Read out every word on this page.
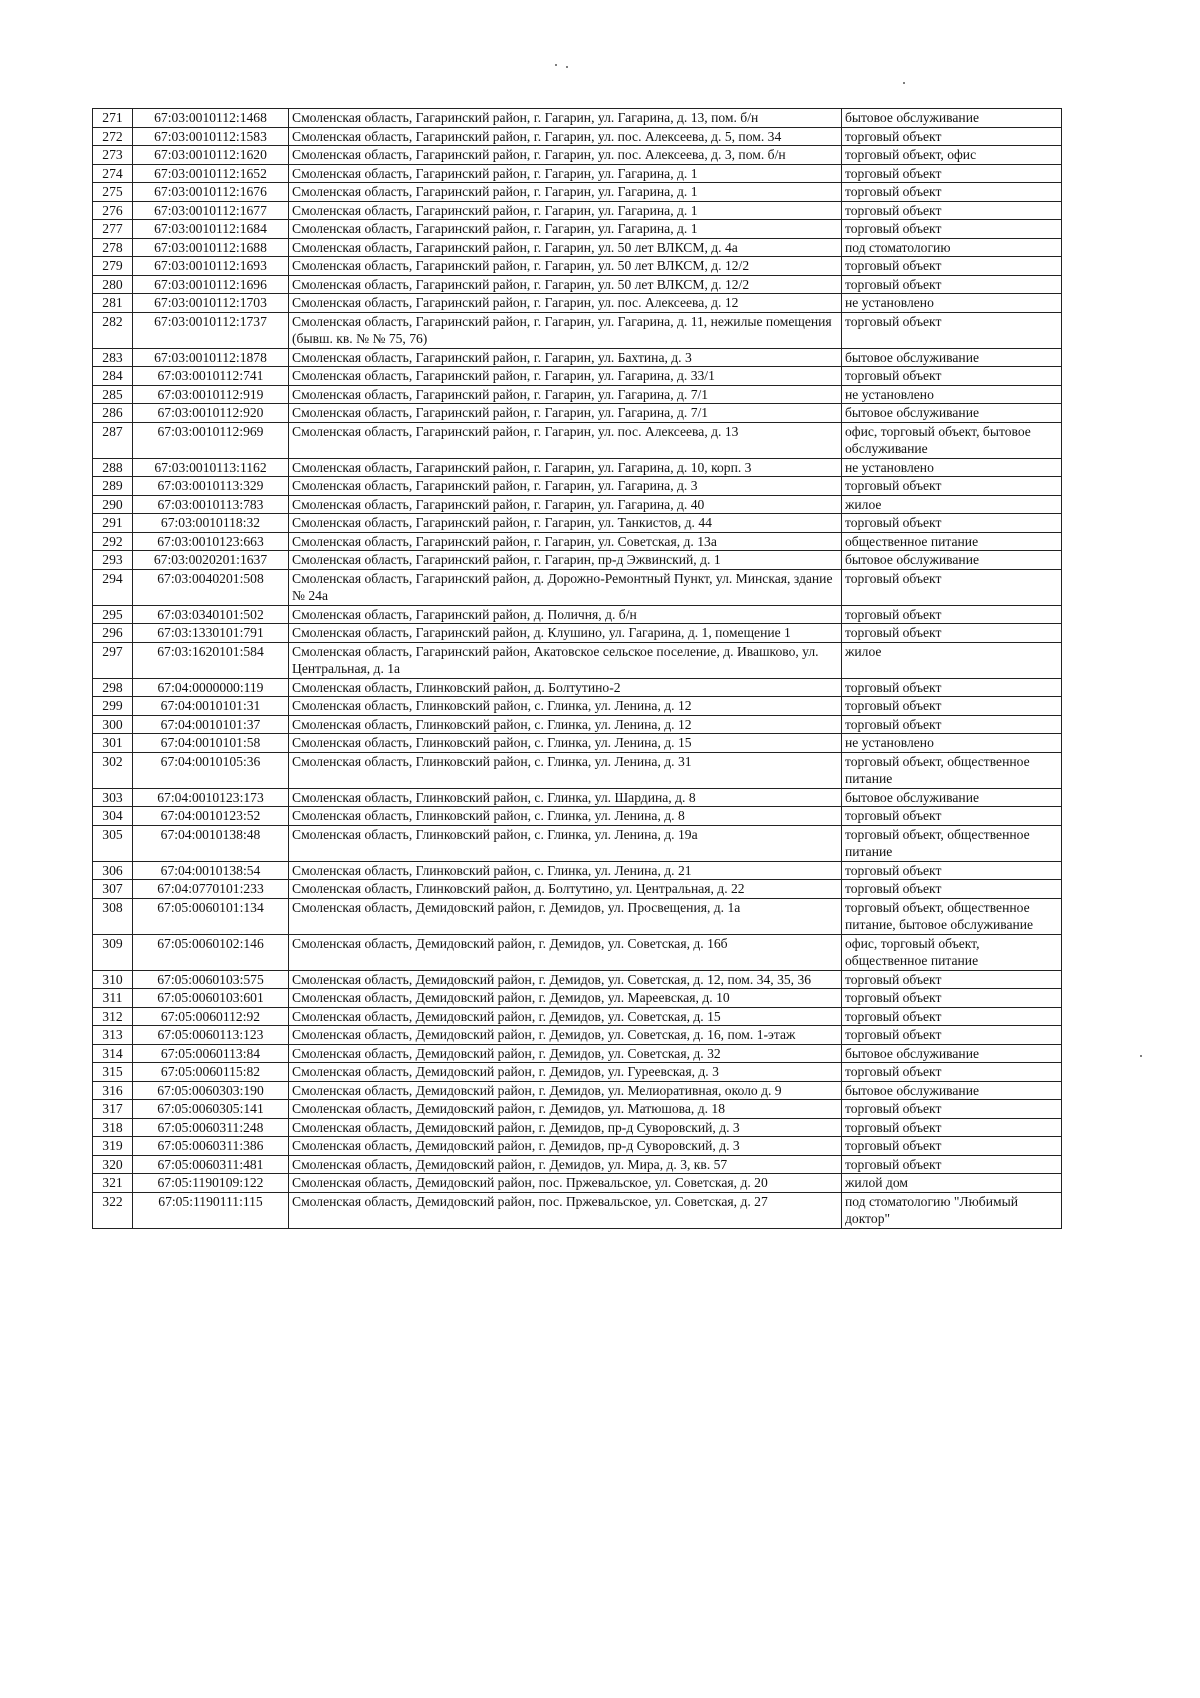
271	67:03:0010112:1468	Смоленская область, Гагаринский район, г. Гагарин, ул. Гагарина, д. 13, пом. б/н	бытовое обслуживание
272	67:03:0010112:1583	Смоленская область, Гагаринский район, г. Гагарин, ул. пос. Алексеева, д. 5, пом. 34	торговый объект
273	67:03:0010112:1620	Смоленская область, Гагаринский район, г. Гагарин, ул. пос. Алексеева, д. 3, пом. б/н	торговый объект, офис
274	67:03:0010112:1652	Смоленская область, Гагаринский район, г. Гагарин, ул. Гагарина, д. 1	торговый объект
275	67:03:0010112:1676	Смоленская область, Гагаринский район, г. Гагарин, ул. Гагарина, д. 1	торговый объект
276	67:03:0010112:1677	Смоленская область, Гагаринский район, г. Гагарин, ул. Гагарина, д. 1	торговый объект
277	67:03:0010112:1684	Смоленская область, Гагаринский район, г. Гагарин, ул. Гагарина, д. 1	торговый объект
278	67:03:0010112:1688	Смоленская область, Гагаринский район, г. Гагарин, ул. 50 лет ВЛКСМ, д. 4а	под стоматологию
279	67:03:0010112:1693	Смоленская область, Гагаринский район, г. Гагарин, ул. 50 лет ВЛКСМ, д. 12/2	торговый объект
280	67:03:0010112:1696	Смоленская область, Гагаринский район, г. Гагарин, ул. 50 лет ВЛКСМ, д. 12/2	торговый объект
281	67:03:0010112:1703	Смоленская область, Гагаринский район, г. Гагарин, ул. пос. Алексеева, д. 12	не установлено
282	67:03:0010112:1737	Смоленская область, Гагаринский район, г. Гагарин, ул. Гагарина, д. 11, нежилые помещения (бывш. кв. № № 75, 76)	торговый объект
283	67:03:0010112:1878	Смоленская область, Гагаринский район, г. Гагарин, ул. Бахтина, д. 3	бытовое обслуживание
284	67:03:0010112:741	Смоленская область, Гагаринский район, г. Гагарин, ул. Гагарина, д. 33/1	торговый объект
285	67:03:0010112:919	Смоленская область, Гагаринский район, г. Гагарин, ул. Гагарина, д. 7/1	не установлено
286	67:03:0010112:920	Смоленская область, Гагаринский район, г. Гагарин, ул. Гагарина, д. 7/1	бытовое обслуживание
287	67:03:0010112:969	Смоленская область, Гагаринский район, г. Гагарин, ул. пос. Алексеева, д. 13	офис, торговый объект, бытовое обслуживание
288	67:03:0010113:1162	Смоленская область, Гагаринский район, г. Гагарин, ул. Гагарина, д. 10, корп. 3	не установлено
289	67:03:0010113:329	Смоленская область, Гагаринский район, г. Гагарин, ул. Гагарина, д. 3	торговый объект
290	67:03:0010113:783	Смоленская область, Гагаринский район, г. Гагарин, ул. Гагарина, д. 40	жилое
291	67:03:0010118:32	Смоленская область, Гагаринский район, г. Гагарин, ул. Танкистов, д. 44	торговый объект
292	67:03:0010123:663	Смоленская область, Гагаринский район, г. Гагарин, ул. Советская, д. 13а	общественное питание
293	67:03:0020201:1637	Смоленская область, Гагаринский район, г. Гагарин, пр-д Эжвинский, д. 1	бытовое обслуживание
294	67:03:0040201:508	Смоленская область, Гагаринский район, д. Дорожно-Ремонтный Пункт, ул. Минская, здание № 24а	торговый объект
295	67:03:0340101:502	Смоленская область, Гагаринский район, д. Поличня, д. б/н	торговый объект
296	67:03:1330101:791	Смоленская область, Гагаринский район, д. Клушино, ул. Гагарина, д. 1, помещение 1	торговый объект
297	67:03:1620101:584	Смоленская область, Гагаринский район, Акатовское сельское поселение, д. Ивашково, ул. Центральная, д. 1а	жилое
298	67:04:0000000:119	Смоленская область, Глинковский район, д. Болтутино-2	торговый объект
299	67:04:0010101:31	Смоленская область, Глинковский район, с. Глинка, ул. Ленина, д. 12	торговый объект
300	67:04:0010101:37	Смоленская область, Глинковский район, с. Глинка, ул. Ленина, д. 12	торговый объект
301	67:04:0010101:58	Смоленская область, Глинковский район, с. Глинка, ул. Ленина, д. 15	не установлено
302	67:04:0010105:36	Смоленская область, Глинковский район, с. Глинка, ул. Ленина, д. 31	торговый объект, общественное питание
303	67:04:0010123:173	Смоленская область, Глинковский район, с. Глинка, ул. Шардина, д. 8	бытовое обслуживание
304	67:04:0010123:52	Смоленская область, Глинковский район, с. Глинка, ул. Ленина, д. 8	торговый объект
305	67:04:0010138:48	Смоленская область, Глинковский район, с. Глинка, ул. Ленина, д. 19а	торговый объект, общественное питание
306	67:04:0010138:54	Смоленская область, Глинковский район, с. Глинка, ул. Ленина, д. 21	торговый объект
307	67:04:0770101:233	Смоленская область, Глинковский район, д. Болтутино, ул. Центральная, д. 22	торговый объект
308	67:05:0060101:134	Смоленская область, Демидовский район, г. Демидов, ул. Просвещения, д. 1а	торговый объект, общественное питание, бытовое обслуживание
309	67:05:0060102:146	Смоленская область, Демидовский район, г. Демидов, ул. Советская, д. 16б	офис, торговый объект, общественное питание
310	67:05:0060103:575	Смоленская область, Демидовский район, г. Демидов, ул. Советская, д. 12, пом. 34, 35, 36	торговый объект
311	67:05:0060103:601	Смоленская область, Демидовский район, г. Демидов, ул. Мареевская, д. 10	торговый объект
312	67:05:0060112:92	Смоленская область, Демидовский район, г. Демидов, ул. Советская, д. 15	торговый объект
313	67:05:0060113:123	Смоленская область, Демидовский район, г. Демидов, ул. Советская, д. 16, пом. 1-этаж	торговый объект
314	67:05:0060113:84	Смоленская область, Демидовский район, г. Демидов, ул. Советская, д. 32	бытовое обслуживание
315	67:05:0060115:82	Смоленская область, Демидовский район, г. Демидов, ул. Гуреевская, д. 3	торговый объект
316	67:05:0060303:190	Смоленская область, Демидовский район, г. Демидов, ул. Мелиоративная, около д. 9	бытовое обслуживание
317	67:05:0060305:141	Смоленская область, Демидовский район, г. Демидов, ул. Матюшова, д. 18	торговый объект
318	67:05:0060311:248	Смоленская область, Демидовский район, г. Демидов, пр-д Суворовский, д. 3	торговый объект
319	67:05:0060311:386	Смоленская область, Демидовский район, г. Демидов, пр-д Суворовский, д. 3	торговый объект
320	67:05:0060311:481	Смоленская область, Демидовский район, г. Демидов, ул. Мира, д. 3, кв. 57	торговый объект
321	67:05:1190109:122	Смоленская область, Демидовский район, пос. Пржевальское, ул. Советская, д. 20	жилой дом
322	67:05:1190111:115	Смоленская область, Демидовский район, пос. Пржевальское, ул. Советская, д. 27	под стоматологию "Любимый доктор"
